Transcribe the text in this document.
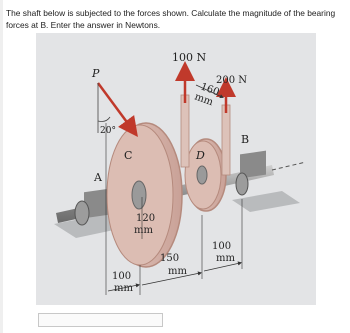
The shaft below is subjected to the forces shown. Calculate the magnitude of the bearing forces at B. Enter the answer in Newtons.
100 N
200 N
160
mm
P
20°
B
C	D
A
120
mm
100
mm
150
mm
100
mm
